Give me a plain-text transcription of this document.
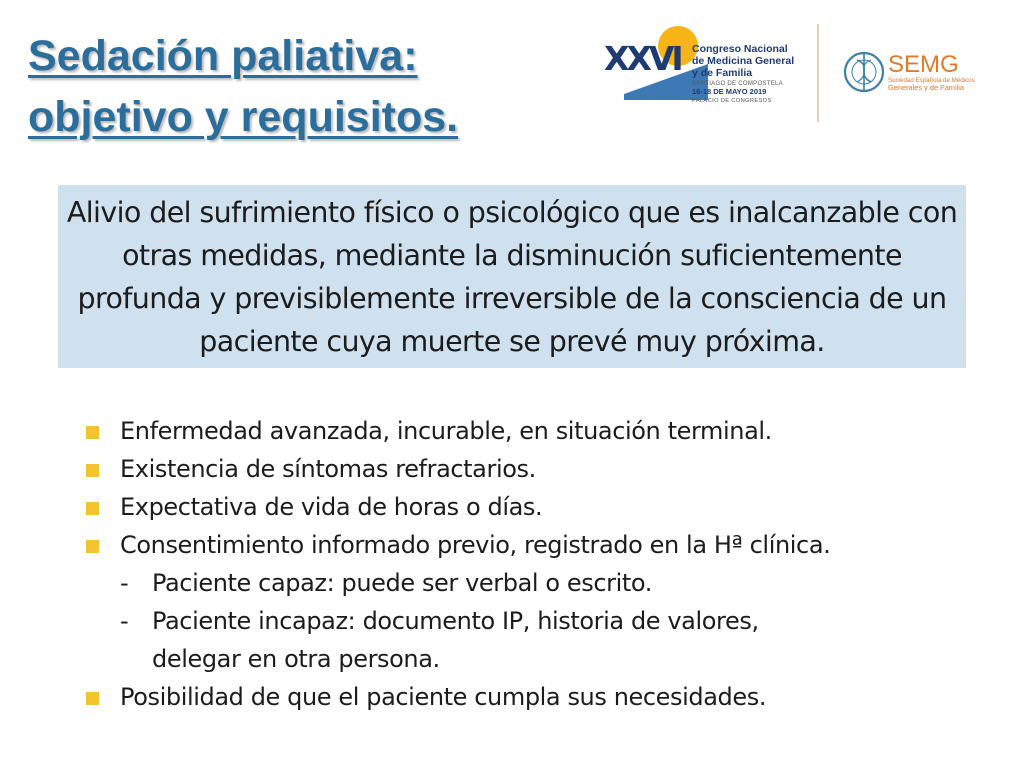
Sedación paliativa:
objetivo y requisitos.
XXVI Congreso Nacional
de Medicina General
y de Familia
SANTIAGO DE COMPOSTELA
16-18 DE MAYO 2019
PALACIO DE CONGRESOS
SEMG
Sociedad Española de Médicos
Generales y de Familia
Alivio del sufrimiento físico o psicológico que es inalcanzable con otras medidas, mediante la disminución suficientemente profunda y previsiblemente irreversible de la consciencia de un paciente cuya muerte se prevé muy próxima.
Enfermedad avanzada, incurable, en situación terminal.
Existencia de síntomas refractarios.
Expectativa de vida de horas o días.
Consentimiento informado previo, registrado en la Hª clínica.
- Paciente capaz: puede ser verbal o escrito.
- Paciente incapaz: documento IP, historia de valores,
delegar en otra persona.
Posibilidad de que el paciente cumpla sus necesidades.
